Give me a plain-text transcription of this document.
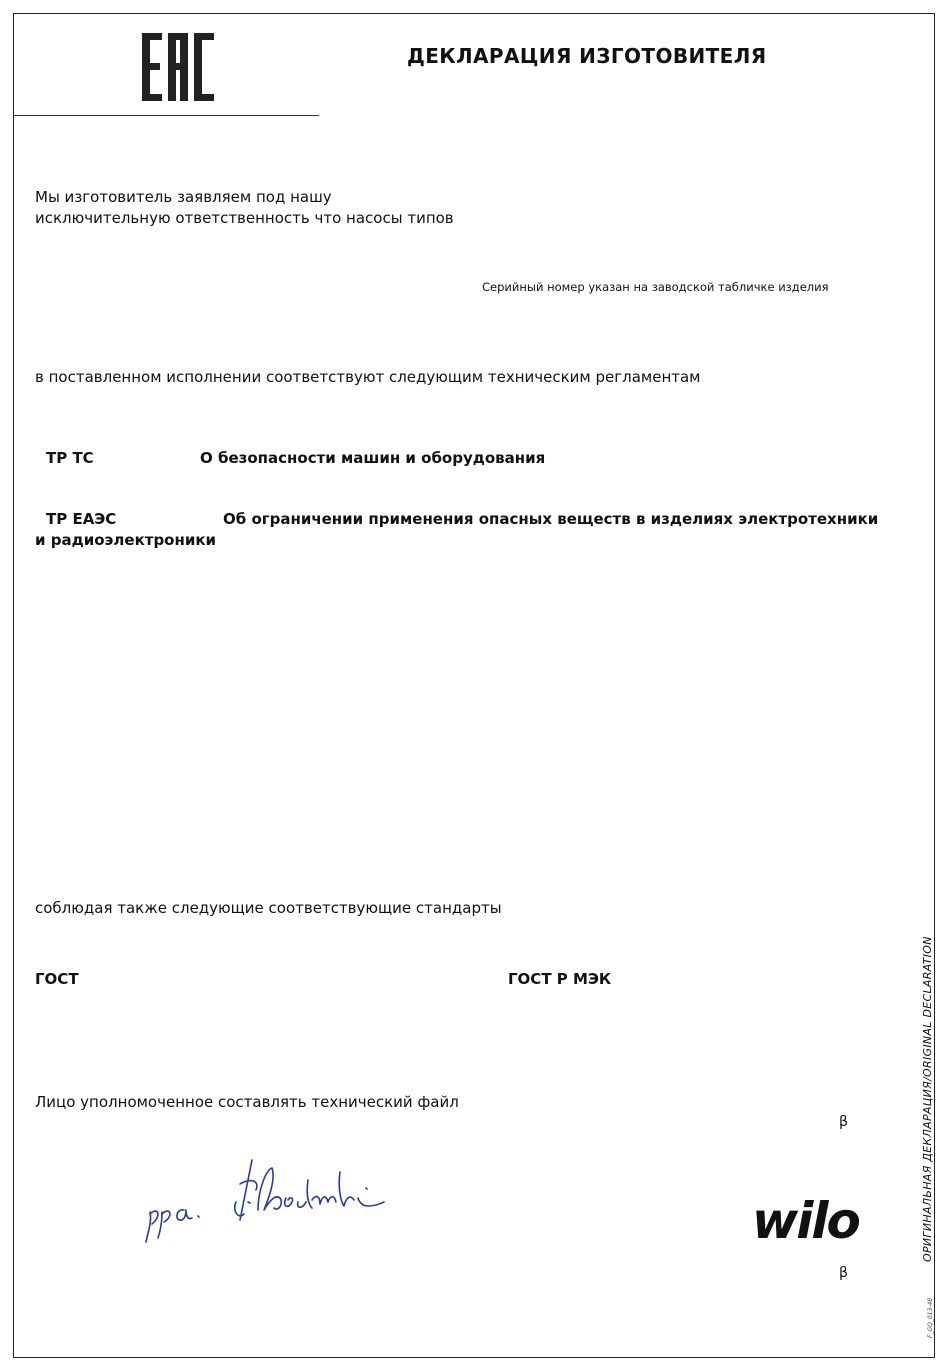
ДЕКЛАРАЦИЯ ИЗГОТОВИТЕЛЯ
Мы изготовитель заявляем под нашу
исключительную ответственность что насосы типов
Серийный номер указан на заводской табличке изделия
в поставленном исполнении соответствуют следующим техническим регламентам
ТР ТС	О безопасности машин и оборудования
ТР ЕАЭС	Об ограничении применения опасных веществ в изделиях электротехники
и радиоэлектроники
соблюдая также следующие соответствующие стандарты
ГОСТ	ГОСТ Р МЭК
Лицо уполномоченное составлять технический файл
β
wilo
β
ОРИГИНАЛЬНАЯ ДЕКЛАРАЦИЯ/ORIGINAL DECLARATION
F_GQ_013-48
